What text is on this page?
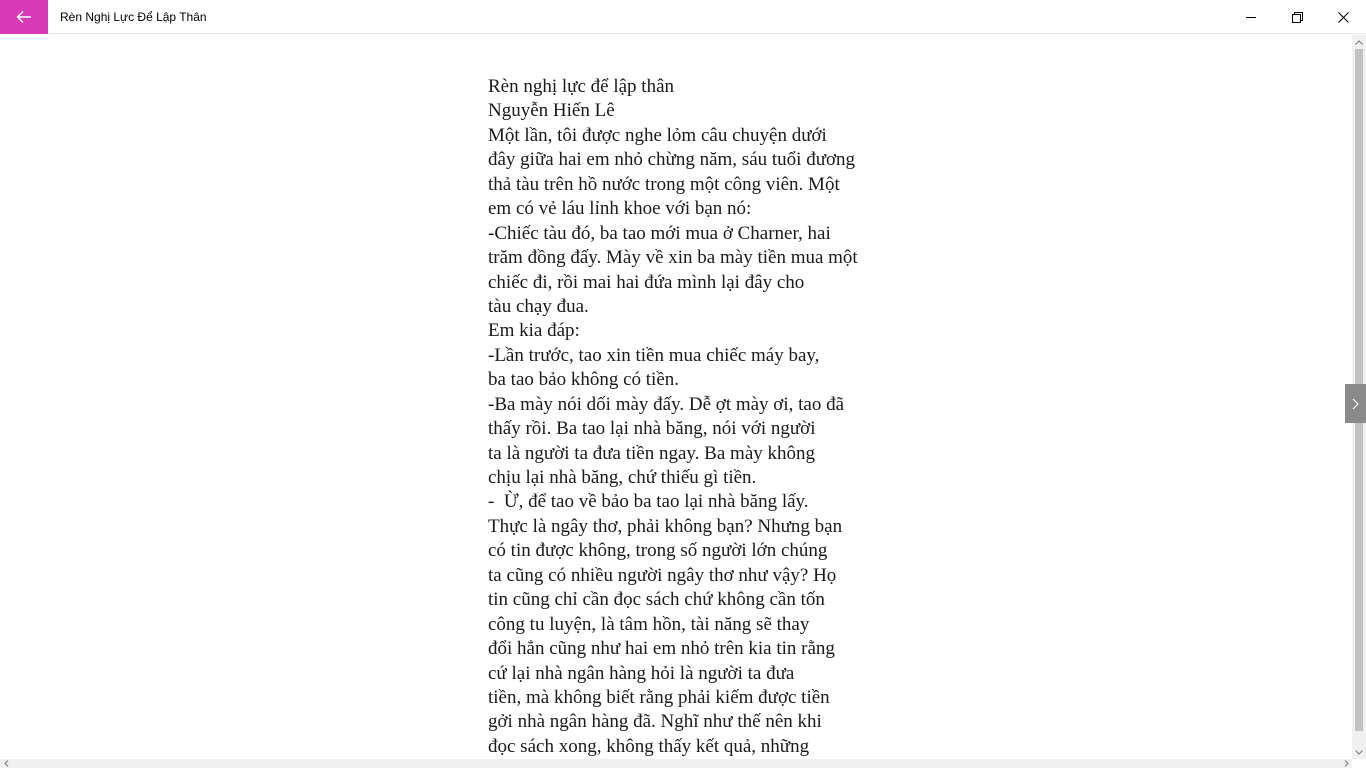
Rèn Nghị Lực Để Lập Thân
Rèn nghị lực để lập thân
Nguyễn Hiến Lê
Một lần, tôi được nghe lỏm câu chuyện dưới
đây giữa hai em nhỏ chừng năm, sáu tuổi đương
thả tàu trên hồ nước trong một công viên. Một
em có vẻ láu lỉnh khoe với bạn nó:
-Chiếc tàu đó, ba tao mới mua ở Charner, hai
trăm đồng đấy. Mày về xin ba mày tiền mua một
chiếc đi, rồi mai hai đứa mình lại đây cho
tàu chạy đua.
Em kia đáp:
-Lần trước, tao xin tiền mua chiếc máy bay,
ba tao bảo không có tiền.
-Ba mày nói dối mày đấy. Dễ ợt mày ơi, tao đã
thấy rồi. Ba tao lại nhà băng, nói với người
ta là người ta đưa tiền ngay. Ba mày không
chịu lại nhà băng, chứ thiếu gì tiền.
-  Ừ, để tao về bảo ba tao lại nhà băng lấy.
Thực là ngây thơ, phải không bạn? Nhưng bạn
có tin được không, trong số người lớn chúng
ta cũng có nhiều người ngây thơ như vậy? Họ
tin cũng chỉ cần đọc sách chứ không cần tốn
công tu luyện, là tâm hồn, tài năng sẽ thay
đổi hẳn cũng như hai em nhỏ trên kia tin rằng
cứ lại nhà ngân hàng hỏi là người ta đưa
tiền, mà không biết rằng phải kiếm được tiền
gởi nhà ngân hàng đã. Nghĩ như thế nên khi
đọc sách xong, không thấy kết quả, những
